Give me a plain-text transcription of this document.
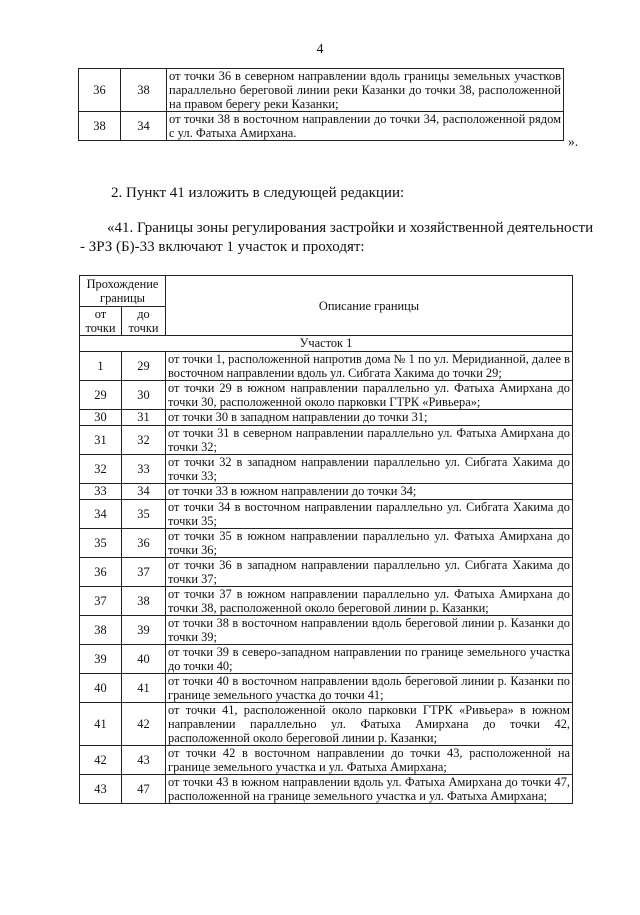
4
36	38	от точки 36 в северном направлении вдоль границы земельных участков параллельно береговой линии реки Казанки до точки 38, расположенной на правом берегу реки Казанки;
38	34	от точки 38 в восточном направлении до точки 34, расположенной рядом с ул. Фатыха Амирхана.
».
2. Пункт 41 изложить в следующей редакции:
«41. Границы зоны регулирования застройки и хозяйственной деятельности
- ЗРЗ (Б)-33 включают 1 участок и проходят:
Прохождение границы		Описание границы
от точки	до точки	
Участок 1		
1	29	от точки 1, расположенной напротив дома № 1 по ул. Меридианной, далее в восточном направлении вдоль ул. Сибгата Хакима до точки 29;
29	30	от точки 29 в южном направлении параллельно ул. Фатыха Амирхана до точки 30, расположенной около парковки ГТРК «Ривьера»;
30	31	от точки 30 в западном направлении до точки 31;
31	32	от точки 31 в северном направлении параллельно ул. Фатыха Амирхана до точки 32;
32	33	от точки 32 в западном направлении параллельно ул. Сибгата Хакима до точки 33;
33	34	от точки 33 в южном направлении до точки 34;
34	35	от точки 34 в восточном направлении параллельно ул. Сибгата Хакима до точки 35;
35	36	от точки 35 в южном направлении параллельно ул. Фатыха Амирхана до точки 36;
36	37	от точки 36 в западном направлении параллельно ул. Сибгата Хакима до точки 37;
37	38	от точки 37 в южном направлении параллельно ул. Фатыха Амирхана до точки 38, расположенной около береговой линии р. Казанки;
38	39	от точки 38 в восточном направлении вдоль береговой линии р. Казанки до точки 39;
39	40	от точки 39 в северо-западном направлении по границе земельного участка до точки 40;
40	41	от точки 40 в восточном направлении вдоль береговой линии р. Казанки по границе земельного участка до точки 41;
41	42	от точки 41, расположенной около парковки ГТРК «Ривьера» в южном направлении параллельно ул. Фатыха Амирхана до точки 42, расположенной около береговой линии р. Казанки;
42	43	от точки 42 в восточном направлении до точки 43, расположенной на границе земельного участка и ул. Фатыха Амирхана;
43	47	от точки 43 в южном направлении вдоль ул. Фатыха Амирхана до точки 47, расположенной на границе земельного участка и ул. Фатыха Амирхана;
